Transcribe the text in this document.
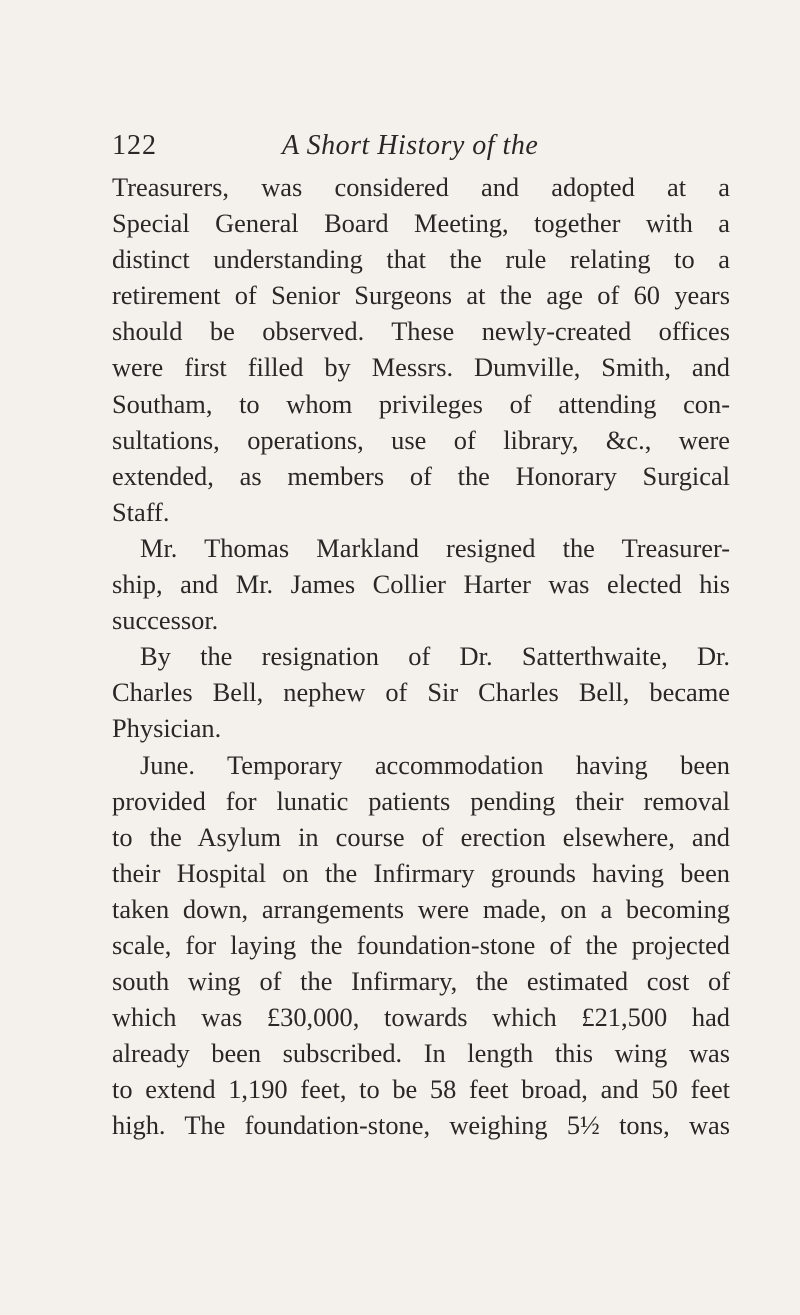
122	A Short History of the
Treasurers, was considered and adopted at a
Special General Board Meeting, together with a
distinct understanding that the rule relating to a
retirement of Senior Surgeons at the age of 60 years
should be observed. These newly-created offices
were first filled by Messrs. Dumville, Smith, and
Southam, to whom privileges of attending con-
sultations, operations, use of library, &c., were
extended, as members of the Honorary Surgical
Staff.
Mr. Thomas Markland resigned the Treasurer-
ship, and Mr. James Collier Harter was elected his
successor.
By the resignation of Dr. Satterthwaite, Dr.
Charles Bell, nephew of Sir Charles Bell, became
Physician.
June. Temporary accommodation having been
provided for lunatic patients pending their removal
to the Asylum in course of erection elsewhere, and
their Hospital on the Infirmary grounds having been
taken down, arrangements were made, on a becoming
scale, for laying the foundation-stone of the projected
south wing of the Infirmary, the estimated cost of
which was £30,000, towards which £21,500 had
already been subscribed. In length this wing was
to extend 1,190 feet, to be 58 feet broad, and 50 feet
high. The foundation-stone, weighing 5½ tons, was
